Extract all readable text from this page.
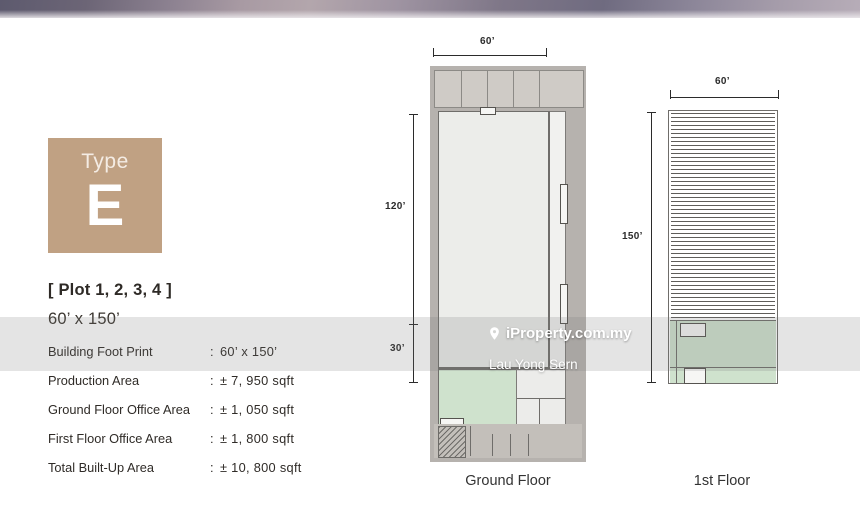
Type
E
[ Plot 1, 2, 3, 4 ]
60’ x 150’
Building Foot Print	:	60’ x 150’
Production Area	:	± 7, 950 sqft
Ground Floor Office Area	:	± 1, 050 sqft
First Floor Office Area	:	± 1, 800 sqft
Total Built-Up Area	:	± 10, 800 sqft
60’
120’
30’
Ground Floor
60’
150’
1st Floor
iProperty.com.my
Lau Yong Sern
